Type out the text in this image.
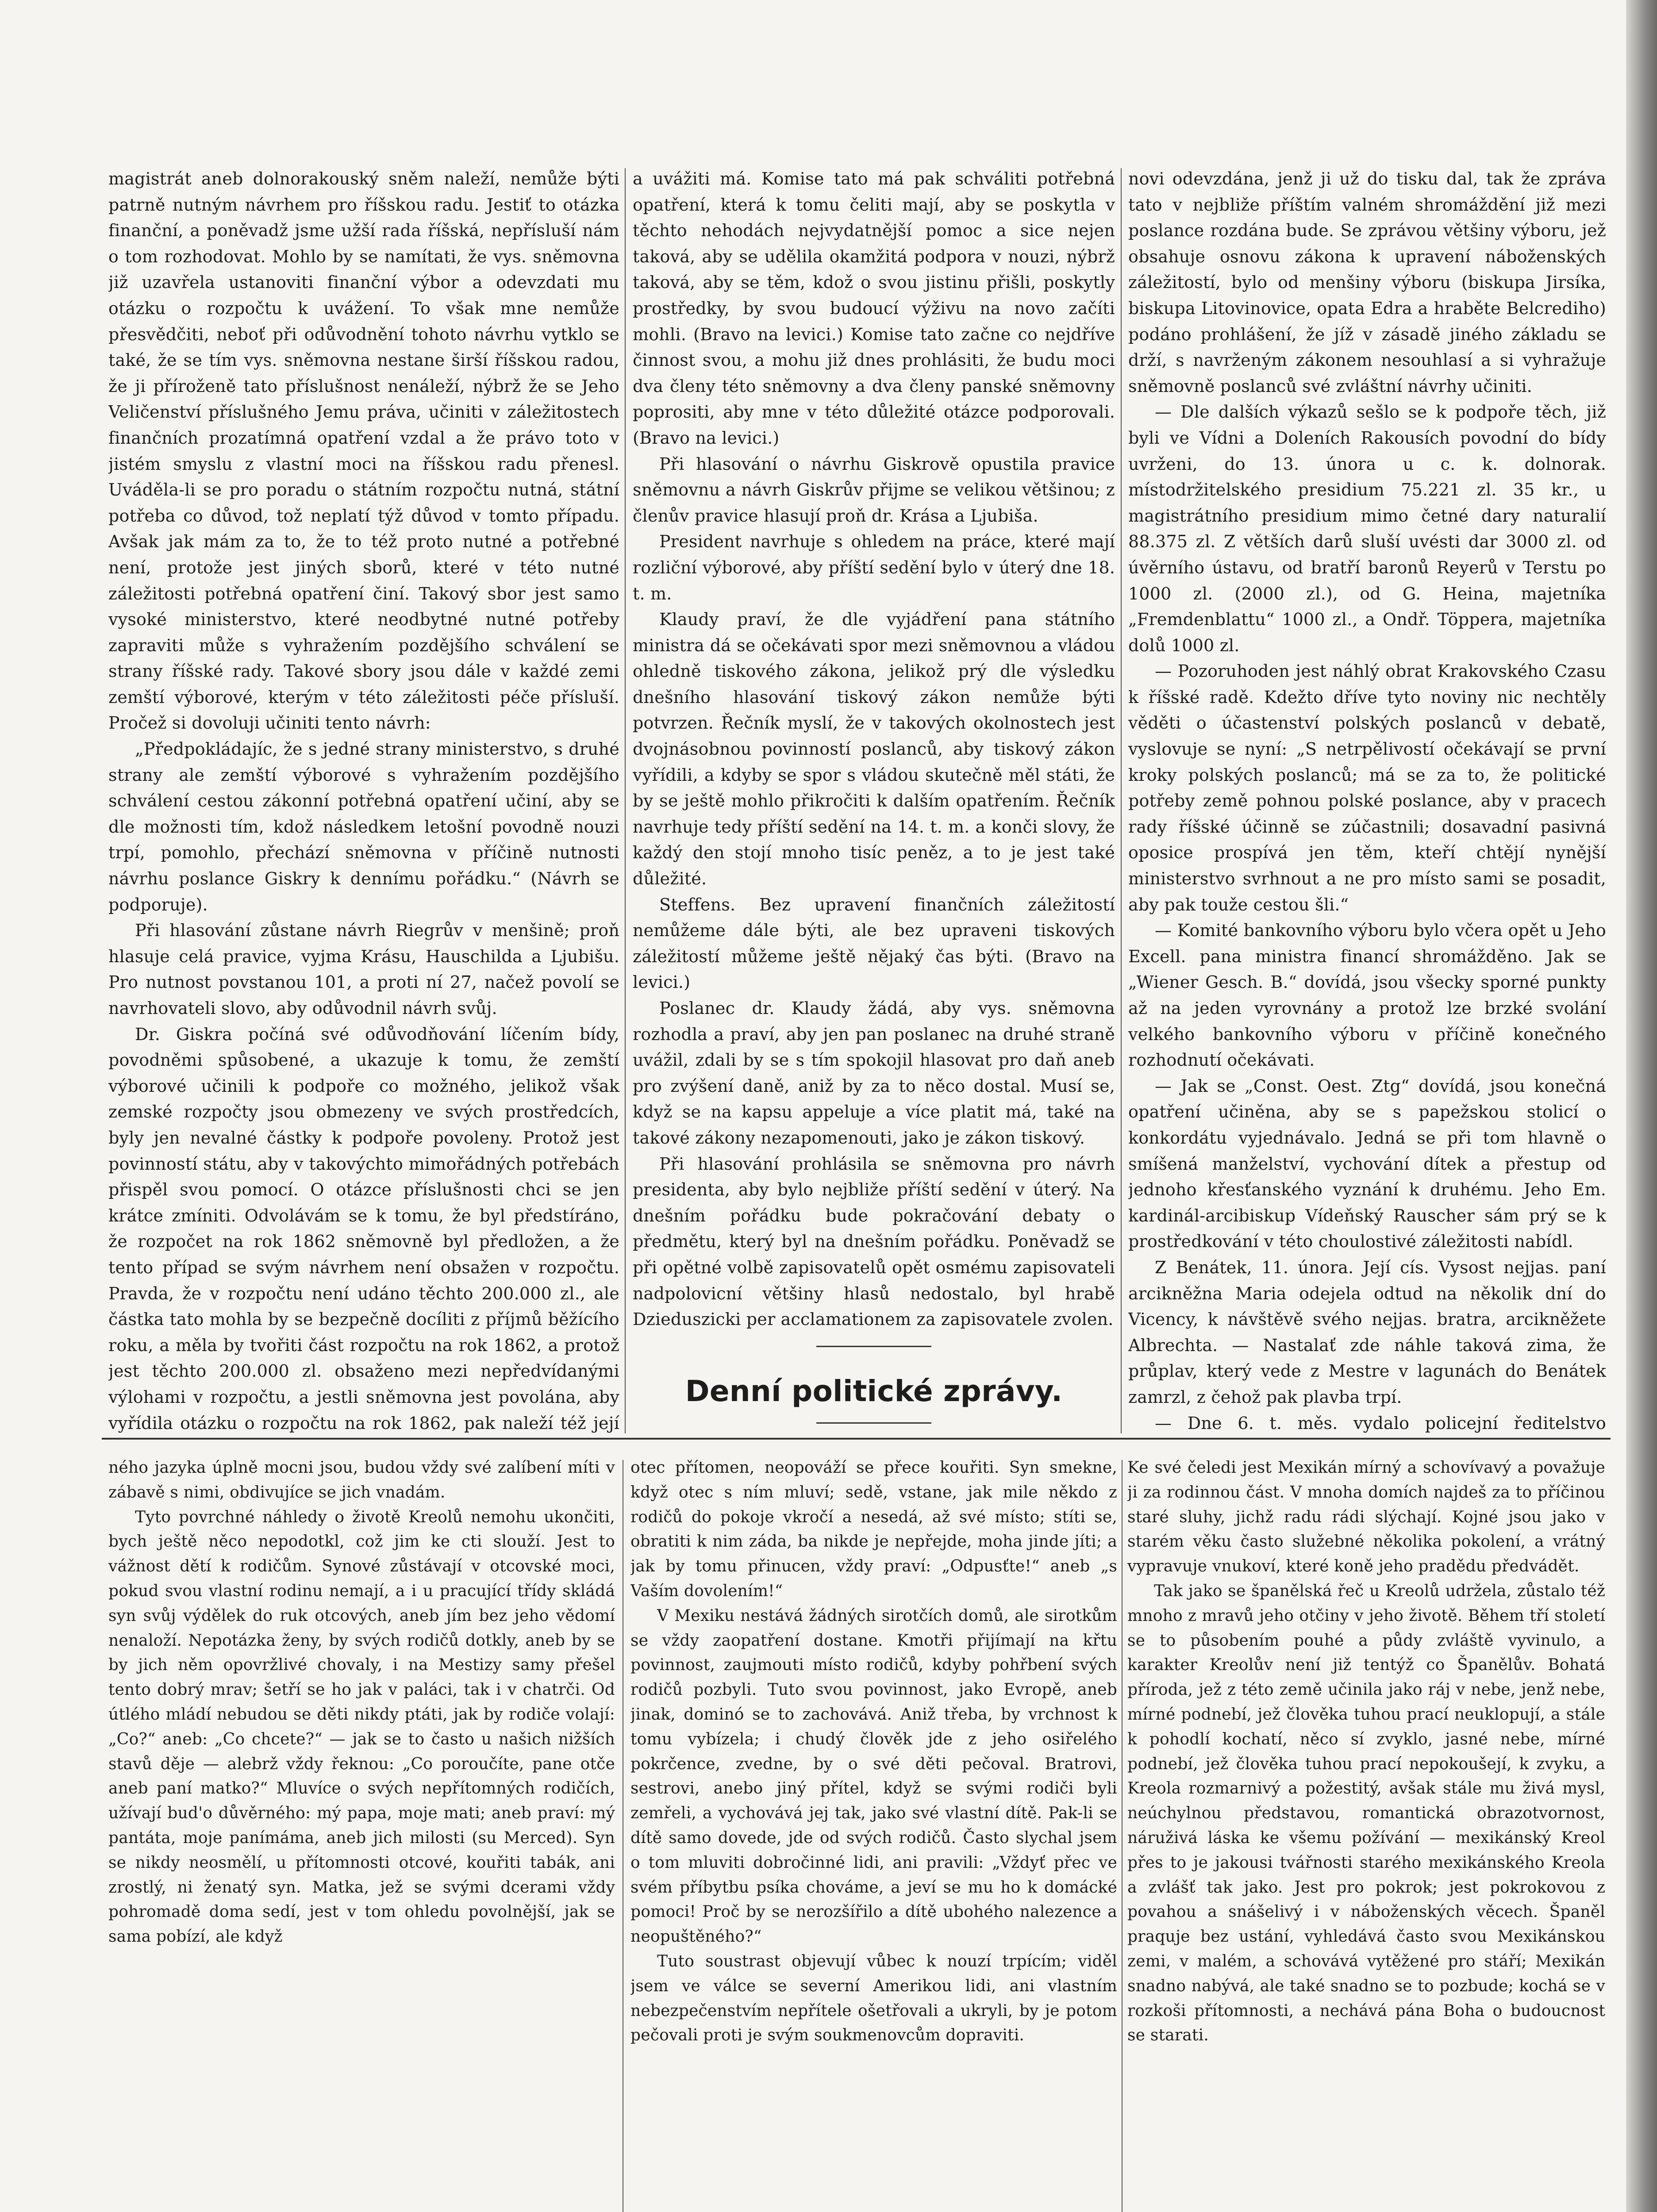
magistrát aneb dolnorakouský sněm naleží, nemůže býti patrně nutným návrhem pro říšskou radu. Jestiť to otázka finanční, a poněvadž jsme užší rada říšská, nepřísluší nám o tom rozhodovat. Mohlo by se namítati, že vys. sněmovna již uzavřela ustanoviti finanční výbor a odevzdati mu otázku o rozpočtu k uvážení. To však mne nemůže přesvědčiti, neboť při odůvodnění tohoto návrhu vytklo se také, že se tím vys. sněmovna nestane širší říšskou radou, že ji příroženě tato příslušnost nenáleží, nýbrž že se Jeho Veličenství příslušného Jemu práva, učiniti v záležitostech finančních prozatímná opatření vzdal a že právo toto v jistém smyslu z vlastní moci na říšskou radu přenesl. Uváděla-li se pro poradu o státním rozpočtu nutná, státní potřeba co důvod, tož neplatí týž důvod v tomto případu. Avšak jak mám za to, že to též proto nutné a potřebné není, protože jest jiných sborů, které v této nutné záležitosti potřebná opatření činí. Takový sbor jest samo vysoké ministerstvo, které neodbytné nutné potřeby zapraviti může s vyhražením pozdějšího schválení se strany říšské rady. Takové sbory jsou dále v každé zemi zemští výborové, kterým v této záležitosti péče přísluší. Pročež si dovoluji učiniti tento návrh:

„Předpokládajíc, že s jedné strany ministerstvo, s druhé strany ale zemští výborové s vyhražením pozdějšího schválení cestou zákonní potřebná opatření učiní, aby se dle možnosti tím, kdož následkem letošní povodně nouzi trpí, pomohlo, přechází sněmovna v příčině nutnosti návrhu poslance Giskry k dennímu pořádku.“ (Návrh se podporuje).

Při hlasování zůstane návrh Riegrův v menšině; proň hlasuje celá pravice, vyjma Krásu, Hauschilda a Ljubišu. Pro nutnost povstanou 101, a proti ní 27, načež povolí se navrhovateli slovo, aby odůvodnil návrh svůj.

Dr. Giskra počíná své odůvodňování líčením bídy, povodněmi spůsobené, a ukazuje k tomu, že zemští výborové učinili k podpoře co možného, jelikož však zemské rozpočty jsou obmezeny ve svých prostředcích, byly jen nevalné částky k podpoře povoleny. Protož jest povinností státu, aby v takovýchto mimořádných potřebách přispěl svou pomocí. O otázce příslušnosti chci se jen krátce zmíniti. Odvolávám se k tomu, že byl předstíráno, že rozpočet na rok 1862 sněmovně byl předložen, a že tento případ se svým návrhem není obsažen v rozpočtu. Pravda, že v rozpočtu není udáno těchto 200.000 zl., ale částka tato mohla by se bezpečně docíliti z příjmů běžícího roku, a měla by tvořiti část rozpočtu na rok 1862, a protož jest těchto 200.000 zl. obsaženo mezi nepředvídanými výlohami v rozpočtu, a jestli sněmovna jest povolána, aby vyřídila otázku o rozpočtu na rok 1862, pak naleží též její

a uvážiti má. Komise tato má pak schváliti potřebná opatření, která k tomu čeliti mají, aby se poskytla v těchto nehodách nejvydatnější pomoc a sice nejen taková, aby se udělila okamžitá podpora v nouzi, nýbrž taková, aby se těm, kdož o svou jistinu přišli, poskytly prostředky, by svou budoucí výživu na novo začíti mohli. (Bravo na levici.) Komise tato začne co nejdříve činnost svou, a mohu již dnes prohlásiti, že budu moci dva členy této sněmovny a dva členy panské sněmovny poprositi, aby mne v této důležité otázce podporovali. (Bravo na levici.)

Při hlasování o návrhu Giskrově opustila pravice sněmovnu a návrh Giskrův přijme se velikou většinou; z členův pravice hlasují proň dr. Krása a Ljubiša.

President navrhuje s ohledem na práce, které mají rozliční výborové, aby příští sedění bylo v úterý dne 18. t. m.

Klaudy praví, že dle vyjádření pana státního ministra dá se očekávati spor mezi sněmovnou a vládou ohledně tiskového zákona, jelikož prý dle výsledku dnešního hlasování tiskový zákon nemůže býti potvrzen. Řečník myslí, že v takových okolnostech jest dvojnásobnou povinností poslanců, aby tiskový zákon vyřídili, a kdyby se spor s vládou skutečně měl státi, že by se ještě mohlo přikročiti k dalším opatřením. Řečník navrhuje tedy příští sedění na 14. t. m. a konči slovy, že každý den stojí mnoho tisíc peněz, a to je jest také důležité.

Steffens. Bez upravení finančních záležitostí nemůžeme dále býti, ale bez upraveni tiskových záležitostí můžeme ještě nějaký čas býti. (Bravo na levici.)

Poslanec dr. Klaudy žádá, aby vys. sněmovna rozhodla a praví, aby jen pan poslanec na druhé straně uvážil, zdali by se s tím spokojil hlasovat pro daň aneb pro zvýšení daně, aniž by za to něco dostal. Musí se, když se na kapsu appeluje a více platit má, také na takové zákony nezapomenouti, jako je zákon tiskový.

Při hlasování prohlásila se sněmovna pro návrh presidenta, aby bylo nejbliže příští sedění v úterý. Na dnešním pořádku bude pokračování debaty o předmětu, který byl na dnešním pořádku. Poněvadž se při opětné volbě zapisovatelů opět osmému zapisovateli nadpolovicní většiny hlasů nedostalo, byl hrabě Dzieduszicki per acclamationem za zapisovatele zvolen.

Denní politické zprávy.

novi odevzdána, jenž ji už do tisku dal, tak že zpráva tato v nejbliže příštím valném shromáždění již mezi poslance rozdána bude. Se zprávou většiny výboru, jež obsahuje osnovu zákona k upravení náboženských záležitostí, bylo od menšiny výboru (biskupa Jirsíka, biskupa Litovinovice, opata Edra a hraběte Belcrediho) podáno prohlášení, že jíž v zásadě jiného základu se drží, s navrženým zákonem nesouhlasí a si vyhražuje sněmovně poslanců své zvláštní návrhy učiniti.

— Dle dalších výkazů sešlo se k podpoře těch, již byli ve Vídni a Doleních Rakousích povodní do bídy uvrženi, do 13. února u c. k. dolnorak. místodržitelského presidium 75.221 zl. 35 kr., u magistrátního presidium mimo četné dary naturalií 88.375 zl. Z větších darů sluší uvésti dar 3000 zl. od úvěrního ústavu, od bratří baronů Reyerů v Terstu po 1000 zl. (2000 zl.), od G. Heina, majetníka „Fremdenblattu“ 1000 zl., a Ondř. Töppera, majetníka dolů 1000 zl.

— Pozoruhoden jest náhlý obrat Krakovského Czasu k říšské radě. Kdežto dříve tyto noviny nic nechtěly věděti o účastenství polských poslanců v debatě, vyslovuje se nyní: „S netrpělivostí očekávají se první kroky polských poslanců; má se za to, že politické potřeby země pohnou polské poslance, aby v pracech rady říšské účinně se zúčastnili; dosavadní pasivná oposice prospívá jen těm, kteří chtějí nynější ministerstvo svrhnout a ne pro místo sami se posadit, aby pak touže cestou šli.“

— Komité bankovního výboru bylo včera opět u Jeho Excell. pana ministra financí shromážděno. Jak se „Wiener Gesch. B.“ dovídá, jsou všecky sporné punkty až na jeden vyrovnány a protož lze brzké svolání velkého bankovního výboru v příčině konečného rozhodnutí očekávati.

— Jak se „Const. Oest. Ztg“ dovídá, jsou konečná opatření učiněna, aby se s papežskou stolicí o konkordátu vyjednávalo. Jedná se při tom hlavně o smíšená manželství, vychování dítek a přestup od jednoho křesťanského vyznání k druhému. Jeho Em. kardinál-arcibiskup Vídeňský Rauscher sám prý se k prostředkování v této choulostivé záležitosti nabídl.

Z Benátek, 11. února. Její cís. Vysost nejjas. paní arcikněžna Maria odejela odtud na několik dní do Vicency, k návštěvě svého nejjas. bratra, arcikněžete Albrechta. — Nastalať zde náhle taková zima, že průplav, který vede z Mestre v lagunách do Benátek zamrzl, z čehož pak plavba trpí.

— Dne 6. t. měs. vydalo policejní ředitelstvo

ného jazyka úplně mocni jsou, budou vždy své zalíbení míti v zábavě s nimi, obdivujíce se jich vnadám.

Tyto povrchné náhledy o životě Kreolů nemohu ukončiti, bych ještě něco nepodotkl, což jim ke cti slouží. Jest to vážnost dětí k rodičům. Synové zůstávají v otcovské moci, pokud svou vlastní rodinu nemají, a i u pracující třídy skládá syn svůj výdělek do ruk otcových, aneb jím bez jeho vědomí nenaloží. Nepotázka ženy, by svých rodičů dotkly, aneb by se by jich něm opovržlivé chovaly, i na Mestizy samy přešel tento dobrý mrav; šetří se ho jak v paláci, tak i v chatrči. Od útlého mládí nebudou se děti nikdy ptáti, jak by rodiče volají: „Co?“ aneb: „Co chcete?“ — jak se to často u našich nižších stavů děje — alebrž vždy řeknou: „Co poroučíte, pane otče aneb paní matko?“ Mluvíce o svých nepřítomných rodičích, užívají bud'o důvěrného: mý papa, moje mati; aneb praví: mý pantáta, moje panímáma, aneb jich milosti (su Merced). Syn se nikdy neosmělí, u přítomnosti otcové, kouřiti tabák, ani zrostlý, ni ženatý syn. Matka, jež se svými dcerami vždy pohromadě doma sedí, jest v tom ohledu povolnější, jak se sama pobízí, ale když

otec přítomen, neopováží se přece kouřiti. Syn smekne, když otec s ním mluví; sedě, vstane, jak mile někdo z rodičů do pokoje vkročí a nesedá, až své místo; stíti se, obratiti k nim záda, ba nikde je nepřejde, moha jinde jíti; a jak by tomu přinucen, vždy praví: „Odpusťte!“ aneb „s Vaším dovolením!“

V Mexiku nestává žádných sirotčích domů, ale sirotkům se vždy zaopatření dostane. Kmotři přijímají na křtu povinnost, zaujmouti místo rodičů, kdyby pohřbení svých rodičů pozbyli. Tuto svou povinnost, jako Evropě, aneb jinak, dominó se to zachovává. Aniž třeba, by vrchnost k tomu vybízela; i chudý člověk jde z jeho osiřelého pokrčence, zvedne, by o své děti pečoval. Bratrovi, sestrovi, anebo jiný přítel, když se svými rodiči byli zemřeli, a vychovává jej tak, jako své vlastní dítě. Pak-li se dítě samo dovede, jde od svých rodičů. Často slychal jsem o tom mluviti dobročinné lidi, ani pravili: „Vždyť přec ve svém příbytbu psíka chováme, a jeví se mu ho k domácké pomoci! Proč by se nerozšířilo a dítě ubohého nalezence a neopuštěného?“

Tuto soustrast objevují vůbec k nouzí trpícím; viděl jsem ve válce se severní Amerikou lidi, ani vlastním nebezpečenstvím nepřítele ošetřovali a ukryli, by je potom pečovali proti je svým soukmenovcům dopraviti.

Ke své čeledi jest Mexikán mírný a schovívavý a považuje ji za rodinnou část. V mnoha domích najdeš za to příčinou staré sluhy, jichž radu rádi slýchají. Kojné jsou jako v starém věku často služebné několika pokolení, a vrátný vypravuje vnukoví, které koně jeho pradědu předvádět.

Tak jako se španělská řeč u Kreolů udržela, zůstalo též mnoho z mravů jeho otčiny v jeho životě. Během tří století se to působením pouhé a půdy zvláště vyvinulo, a karakter Kreolův není již tentýž co Španělův. Bohatá příroda, jež z této země učinila jako ráj v nebe, jenž nebe, mírné podnebí, jež člověka tuhou prací neuklopují, a stále k pohodlí kochatí, něco sí zvyklo, jasné nebe, mírné podnebí, jež člověka tuhou prací nepokoušejí, k zvyku, a Kreola rozmarnivý a požestitý, avšak stále mu živá mysl, neúchylnou představou, romantická obrazotvornost, náruživá láska ke všemu požívání — mexikánský Kreol přes to je jakousi tvářnosti starého mexikánského Kreola a zvlášť tak jako. Jest pro pokrok; jest pokrokovou z povahou a snášelivý i v náboženských věcech. Španěl praquje bez ustání, vyhledává často svou Mexikánskou zemi, v malém, a schovává vytěžené pro stáří; Mexikán snadno nabývá, ale také snadno se to pozbude; kochá se v rozkoši přítomnosti, a nechává pána Boha o budoucnost se starati.
